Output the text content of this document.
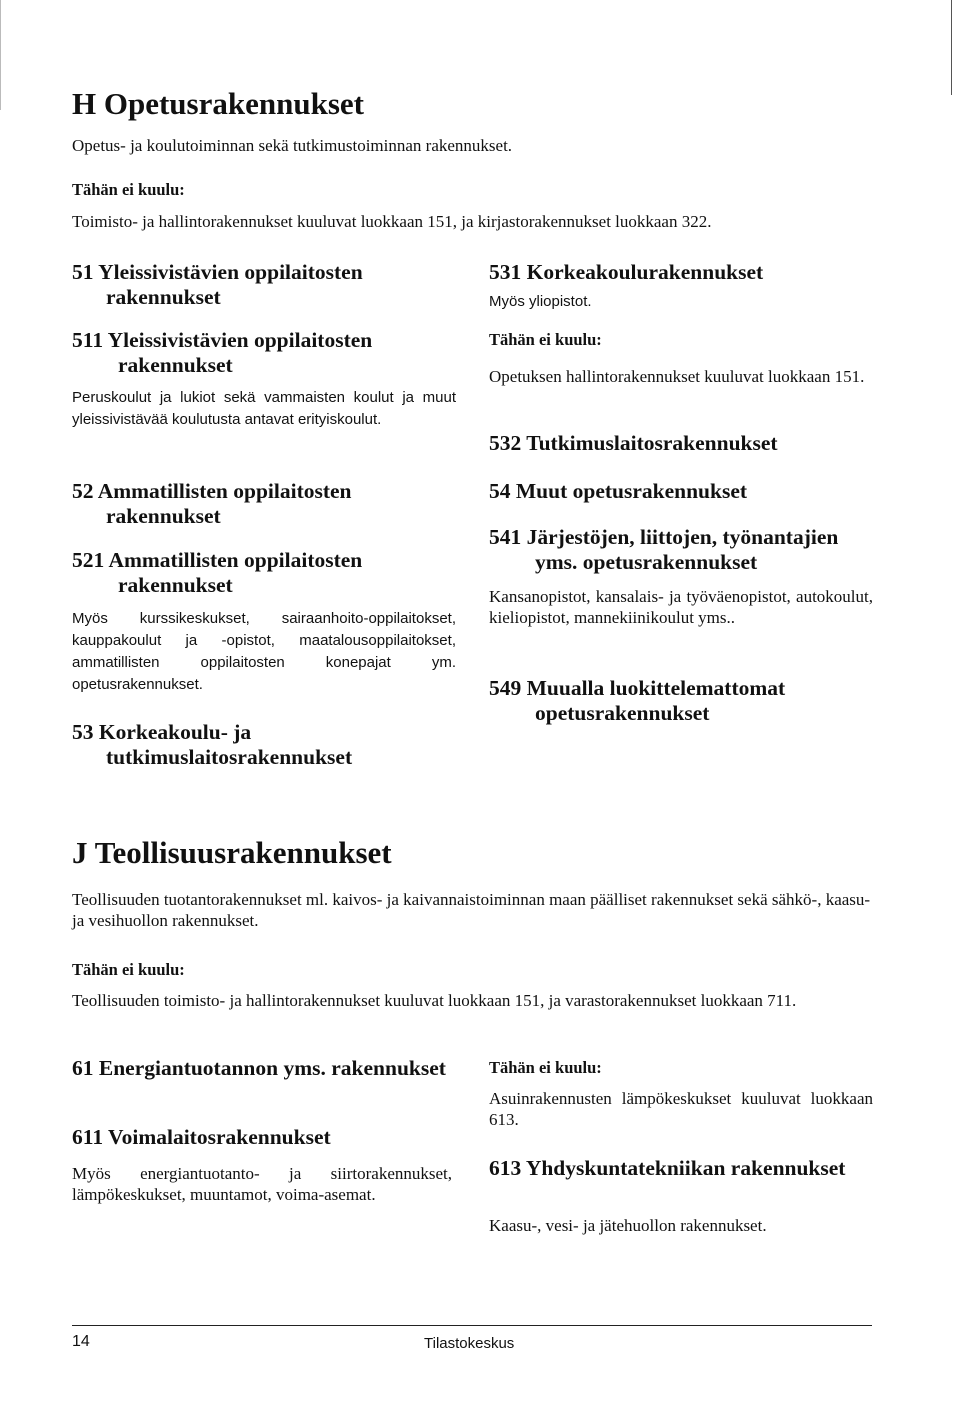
H Opetusrakennukset
Opetus- ja koulutoiminnan sekä tutkimustoiminnan rakennukset.
Tähän ei kuulu:
Toimisto- ja hallintorakennukset kuuluvat luokkaan 151, ja kirjastorakennukset luokkaan 322.
51 Yleissivistävien oppilaitosten rakennukset
511 Yleissivistävien oppilaitosten rakennukset
Peruskoulut ja lukiot sekä vammaisten koulut ja muut yleissivistävää koulutusta antavat erityiskoulut.
52 Ammatillisten oppilaitosten rakennukset
521 Ammatillisten oppilaitosten rakennukset
Myös kurssikeskukset, sairaanhoito-oppilaitokset, kauppakoulut ja -opistot, maatalousoppilaitokset, ammatillisten oppilaitosten konepajat ym. opetusrakennukset.
53 Korkeakoulu- ja tutkimuslaitosrakennukset
531 Korkeakoulurakennukset
Myös yliopistot.
Tähän ei kuulu:
Opetuksen hallintorakennukset kuuluvat luokkaan 151.
532 Tutkimuslaitosrakennukset
54 Muut opetusrakennukset
541 Järjestöjen, liittojen, työnantajien yms. opetusrakennukset
Kansanopistot, kansalais- ja työväenopistot, autokoulut, kieliopistot, mannekiinikoulut yms..
549 Muualla luokittelemattomat opetusrakennukset
J Teollisuusrakennukset
Teollisuuden tuotantorakennukset ml. kaivos- ja kaivannaistoiminnan maan päälliset rakennukset sekä sähkö-, kaasu- ja vesihuollon rakennukset.
Tähän ei kuulu:
Teollisuuden toimisto- ja hallintorakennukset kuuluvat luokkaan 151, ja varastorakennukset luokkaan 711.
61 Energiantuotannon yms. rakennukset
611 Voimalaitosrakennukset
Myös energiantuotanto- ja siirtorakennukset, lämpökeskukset, muuntamot, voima-asemat.
Tähän ei kuulu:
Asuinrakennusten lämpökeskukset kuuluvat luokkaan 613.
613 Yhdyskuntatekniikan rakennukset
Kaasu-, vesi- ja jätehuollon rakennukset.
14	Tilastokeskus
